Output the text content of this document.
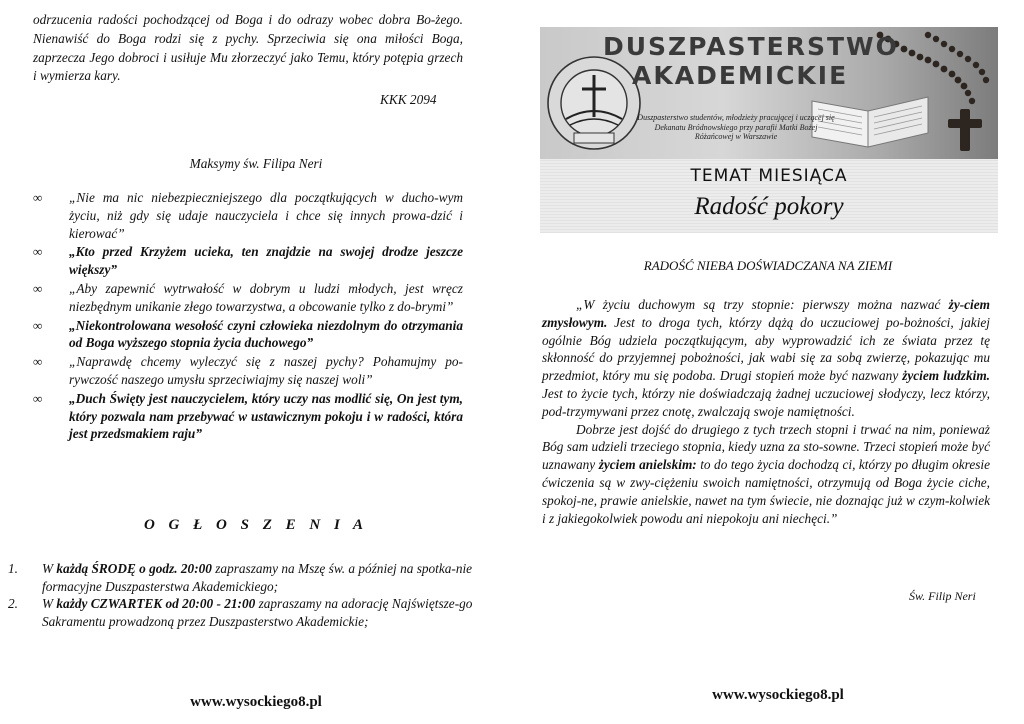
odrzucenia radości pochodzącej od Boga i do odrazy wobec dobra Bo-żego. Nienawiść do Boga rodzi się z pychy. Sprzeciwia się ona miłości Boga, zaprzecza Jego dobroci i usiłuje Mu złorzeczyć jako Temu, który potępia grzech i wymierza kary.
KKK 2094
Maksymy św. Filipa Neri
∞ „Nie ma nic niebezpieczniejszego dla początkujących w ducho-wym życiu, niż gdy się udaje nauczyciela i chce się innych prowa-dzić i kierować”
∞ „Kto przed Krzyżem ucieka, ten znajdzie na swojej drodze jeszcze większy”
∞ „Aby zapewnić wytrwałość w dobrym u ludzi młodych, jest wręcz niezbędnym unikanie złego towarzystwa, a obcowanie tylko z do-brymi”
∞ „Niekontrolowana wesołość czyni człowieka niezdolnym do otrzymania od Boga wyższego stopnia życia duchowego”
∞ „Naprawdę chcemy wyleczyć się z naszej pychy? Pohamujmy po-rywczość naszego umysłu sprzeciwiajmy się naszej woli”
∞ „Duch Święty jest nauczycielem, który uczy nas modlić się, On jest tym, który pozwala nam przebywać w ustawicznym pokoju i w radości, która jest przedsmakiem raju”
O G Ł O S Z E N I A
1. W każdą ŚRODĘ o godz. 20:00 zapraszamy na Mszę św. a później na spotka-nie formacyjne Duszpasterstwa Akademickiego;
2. W każdy CZWARTEK od 20:00 - 21:00 zapraszamy na adorację Najświętsze-go Sakramentu prowadzoną przez Duszpasterstwo Akademickie;
www.wysockiego8.pl
DUSZPASTERSTWO
AKADEMICKIE
Duszpasterstwo studentów, młodzieży pracującej i uczącej się Dekanatu Bródnowskiego przy parafii Matki Bożej Różańcowej w Warszawie
TEMAT MIESIĄCA
Radość pokory
RADOŚĆ NIEBA DOŚWIADCZANA NA ZIEMI

„W życiu duchowym są trzy stopnie: pierwszy można nazwać ży-ciem zmysłowym. Jest to droga tych, którzy dążą do uczuciowej po-bożności, jakiej ogólnie Bóg udziela początkującym, aby wyprowadzić ich ze świata przez tę skłonność do przyjemnej pobożności, jak wabi się za sobą zwierzę, pokazując mu przedmiot, który mu się podoba. Drugi stopień może być nazwany życiem ludzkim. Jest to życie tych, którzy nie doświadczają żadnej uczuciowej słodyczy, lecz którzy, pod-trzymywani przez cnotę, zwalczają swoje namiętności.

Dobrze jest dojść do drugiego z tych trzech stopni i trwać na nim, ponieważ Bóg sam udzieli trzeciego stopnia, kiedy uzna za sto-sowne. Trzeci stopień może być uznawany życiem anielskim: to do tego życia dochodzą ci, którzy po długim okresie ćwiczenia są w zwy-ciężeniu swoich namiętności, otrzymują od Boga życie ciche, spokoj-ne, prawie anielskie, nawet na tym świecie, nie doznając już w czym-kolwiek i z jakiegokolwiek powodu ani niepokoju ani niechęci.”

Św. Filip Neri
www.wysockiego8.pl
